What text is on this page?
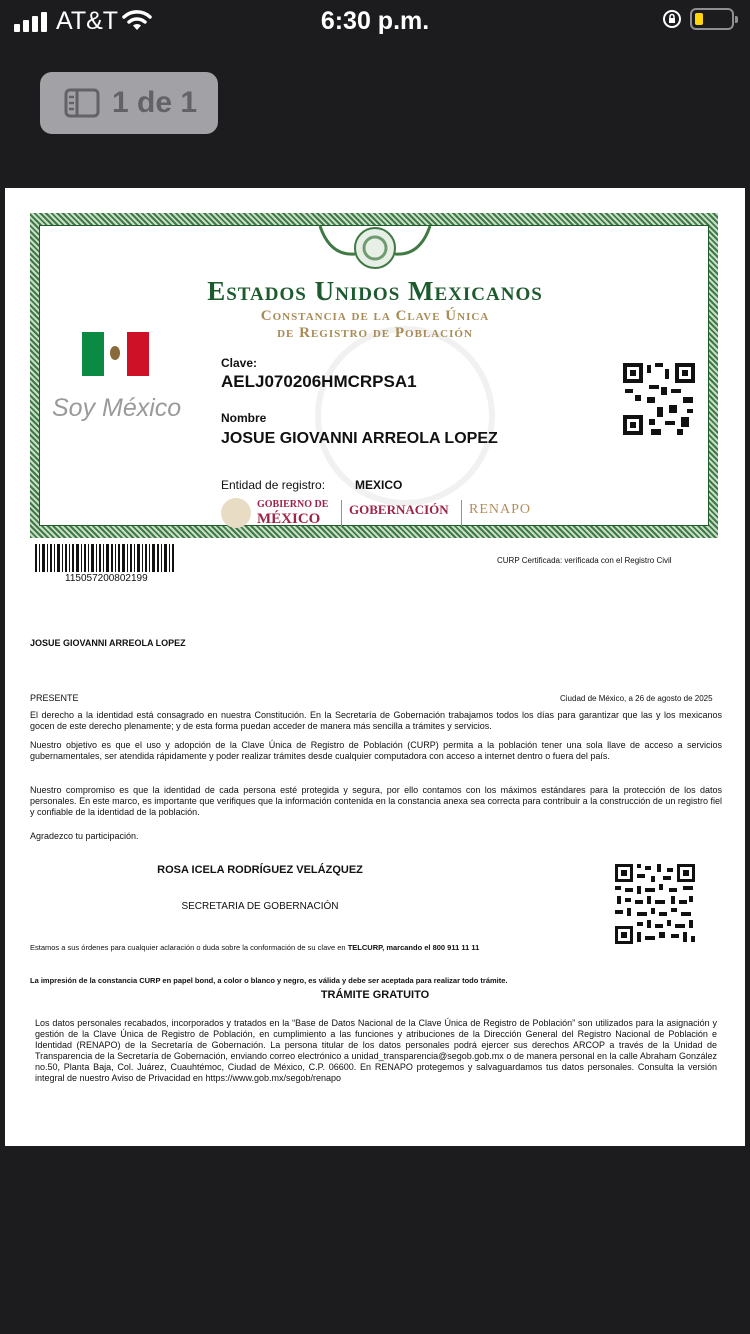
AT&T	6:30 p.m.
1 de 1
Estados Unidos Mexicanos
Constancia de la Clave Única
de Registro de Población
Soy México
Clave:
AELJ070206HMCRPSA1
Nombre
JOSUE GIOVANNI ARREOLA LOPEZ
Entidad de registro: MEXICO
GOBIERNO DE
MÉXICO
GOBERNACIÓN RENAPO
115057200802199
CURP Certificada: verificada con el Registro Civil
JOSUE GIOVANNI ARREOLA LOPEZ
PRESENTE	Ciudad de México, a 26 de agosto de 2025
El derecho a la identidad está consagrado en nuestra Constitución. En la Secretaría de Gobernación trabajamos todos los días para garantizar que las y los mexicanos gocen de este derecho plenamente; y de esta forma puedan acceder de manera más sencilla a trámites y servicios.
Nuestro objetivo es que el uso y adopción de la Clave Única de Registro de Población (CURP) permita a la población tener una sola llave de acceso a servicios gubernamentales, ser atendida rápidamente y poder realizar trámites desde cualquier computadora con acceso a internet dentro o fuera del país.
Nuestro compromiso es que la identidad de cada persona esté protegida y segura, por ello contamos con los máximos estándares para la protección de los datos personales. En este marco, es importante que verifiques que la información contenida en la constancia anexa sea correcta para contribuir a la construcción de un registro fiel y confiable de la identidad de la población.
Agradezco tu participación.
ROSA ICELA RODRÍGUEZ VELÁZQUEZ
SECRETARIA DE GOBERNACIÓN
Estamos a sus órdenes para cualquier aclaración o duda sobre la conformación de su clave en TELCURP, marcando el 800 911 11 11
La impresión de la constancia CURP en papel bond, a color o blanco y negro, es válida y debe ser aceptada para realizar todo trámite.
TRÁMITE GRATUITO
Los datos personales recabados, incorporados y tratados en la “Base de Datos Nacional de la Clave Única de Registro de Población” son utilizados para la asignación y gestión de la Clave Única de Registro de Población, en cumplimiento a las funciones y atribuciones de la Dirección General del Registro Nacional de Población e Identidad (RENAPO) de la Secretaría de Gobernación. La persona titular de los datos personales podrá ejercer sus derechos ARCOP a través de la Unidad de Transparencia de la Secretaría de Gobernación, enviando correo electrónico a unidad_transparencia@segob.gob.mx o de manera personal en la calle Abraham González no.50, Planta Baja, Col. Juárez, Cuauhtémoc, Ciudad de México, C.P. 06600. En RENAPO protegemos y salvaguardamos tus datos personales. Consulta la versión integral de nuestro Aviso de Privacidad en https://www.gob.mx/segob/renapo
